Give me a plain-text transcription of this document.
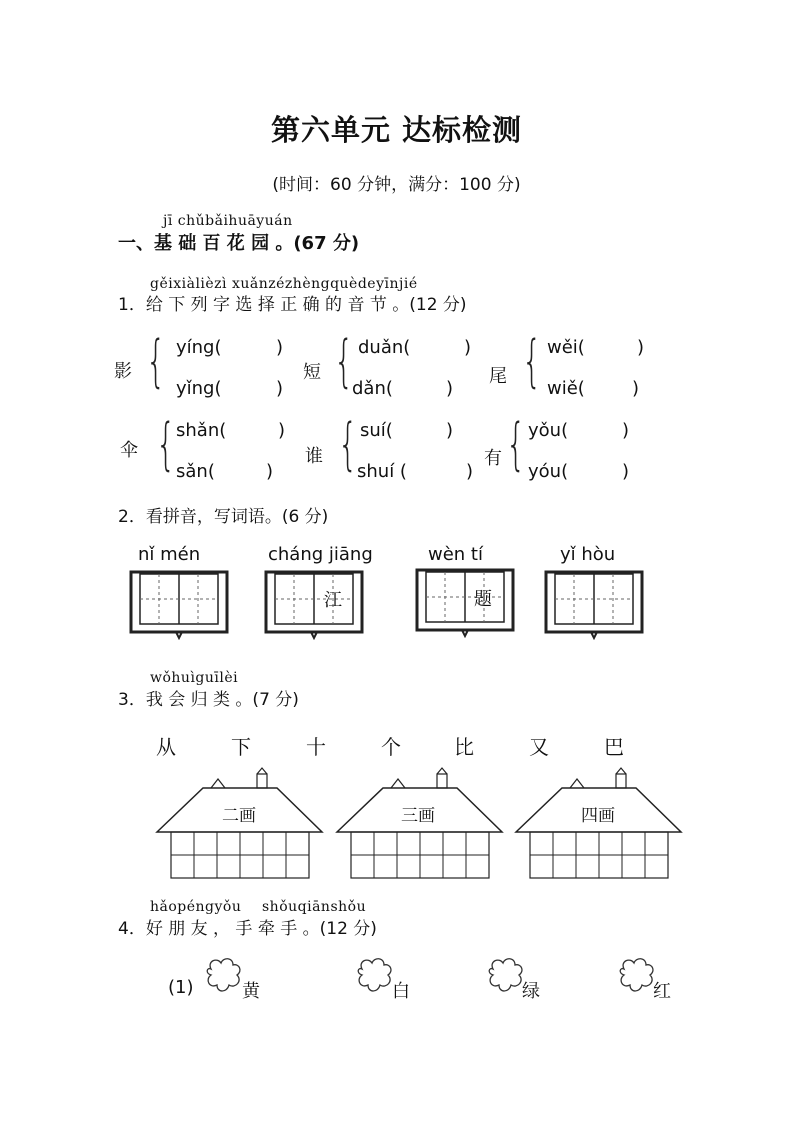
第六单元 达标检测
(时间：60 分钟，满分：100 分)
jī chǔbǎihuāyuán
一、基 础 百 花 园 。(67 分)
gěixiàlièzì xuǎnzézhèngquèdeyīnjié
1．给 下 列 字 选 择 正 确 的 音 节 。(12 分)
影 { yíng(	)
yǐng(	)
短 { duǎn(	)
dǎn(	)
尾 { wěi(	)
wiě(	)
伞 { shǎn(	)
sǎn(	)
谁 { suí(	)
shuí (	)
有 { yǒu(	)
yóu(	)
2．看拼音，写词语。(6 分)
nǐ mén	cháng jiāng	wèn tí	yǐ hòu
江	题
wǒhuìguīlèi
3．我 会 归 类 。(7 分)
从	下	十	个	比	又	巴
二画	三画	四画
hǎopéngyǒu shǒuqiānshǒu
4．好 朋 友 ， 手 牵 手 。(12 分)
(1)	黄	白	绿	红
